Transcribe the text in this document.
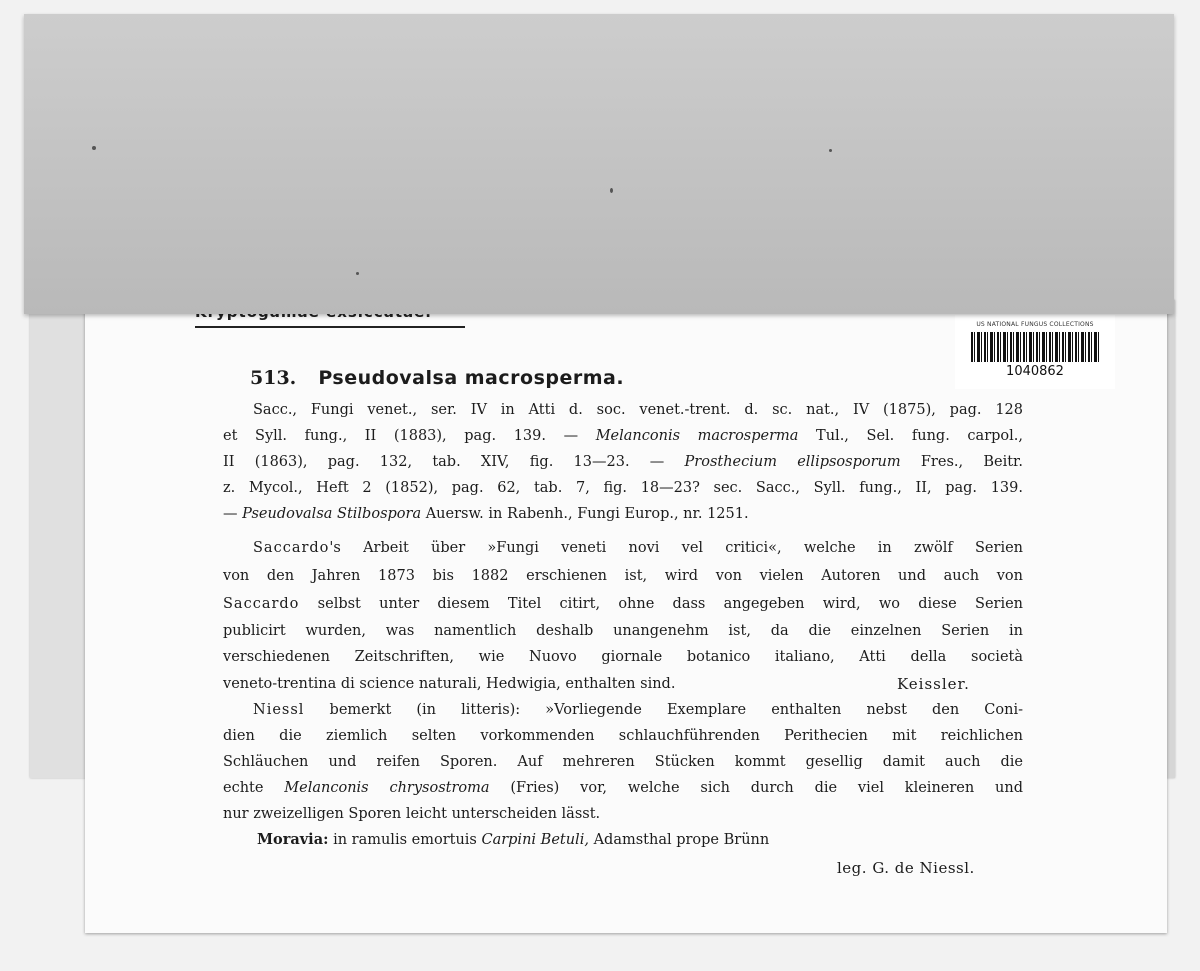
US NATIONAL FUNGUS COLLECTIONS
1040862
513. Pseudovalsa macrosperma.
Sacc., Fungi venet., ser. IV in Atti d. soc. venet.-trent. d. sc. nat., IV (1875), pag. 128
et Syll. fung., II (1883), pag. 139. — Melanconis macrosperma Tul., Sel. fung. carpol.,
II (1863), pag. 132, tab. XIV, fig. 13—23. — Prosthecium ellipsosporum Fres., Beitr.
z. Mycol., Heft 2 (1852), pag. 62, tab. 7, fig. 18—23? sec. Sacc., Syll. fung., II, pag. 139.
— Pseudovalsa Stilbospora Auersw. in Rabenh., Fungi Europ., nr. 1251.
Saccardo's Arbeit über »Fungi veneti novi vel critici«, welche in zwölf Serien
von den Jahren 1873 bis 1882 erschienen ist, wird von vielen Autoren und auch von
Saccardo selbst unter diesem Titel citirt, ohne dass angegeben wird, wo diese Serien
publicirt wurden, was namentlich deshalb unangenehm ist, da die einzelnen Serien in
verschiedenen Zeitschriften, wie Nuovo giornale botanico italiano, Atti della società
veneto-trentina di science naturali, Hedwigia, enthalten sind.	Keissler.
Niessl bemerkt (in litteris): »Vorliegende Exemplare enthalten nebst den Coni-
dien die ziemlich selten vorkommenden schlauchführenden Perithecien mit reichlichen
Schläuchen und reifen Sporen. Auf mehreren Stücken kommt gesellig damit auch die
echte Melanconis chrysostroma (Fries) vor, welche sich durch die viel kleineren und
nur zweizelligen Sporen leicht unterscheiden lässt.
Moravia: in ramulis emortuis Carpini Betuli, Adamsthal prope Brünn
leg. G. de Niessl.
